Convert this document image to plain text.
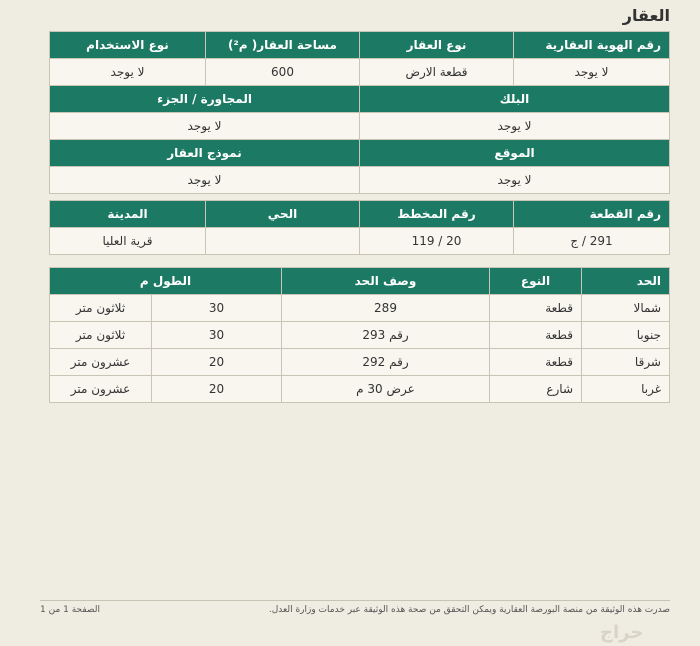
العقار
رقم الهوية العقارية	نوع العقار	مساحة العقار( م²)	نوع الاستخدام
لا يوجد	قطعة الارض	600	لا يوجد
البلك		المجاورة / الجزء	
لا يوجد		لا يوجد	
الموقع		نموذج العقار	
لا يوجد		لا يوجد	

رقم القطعة	رقم المخطط	الحي	المدينة
291 / ج	20 / 119		قرية العليا
الحد	النوع	وصف الحد	الطول م	
شمالا	قطعة	289	30	ثلاثون متر
جنوبا	قطعة	رقم 293	30	ثلاثون متر
شرقا	قطعة	رقم 292	20	عشرون متر
غربا	شارع	عرض 30 م	20	عشرون متر
صدرت هذه الوثيقة من منصة البورصة العقارية ويمكن التحقق من صحة هذه الوثيقة عبر خدمات وزارة العدل.
الصفحة 1 من 1
حراج
